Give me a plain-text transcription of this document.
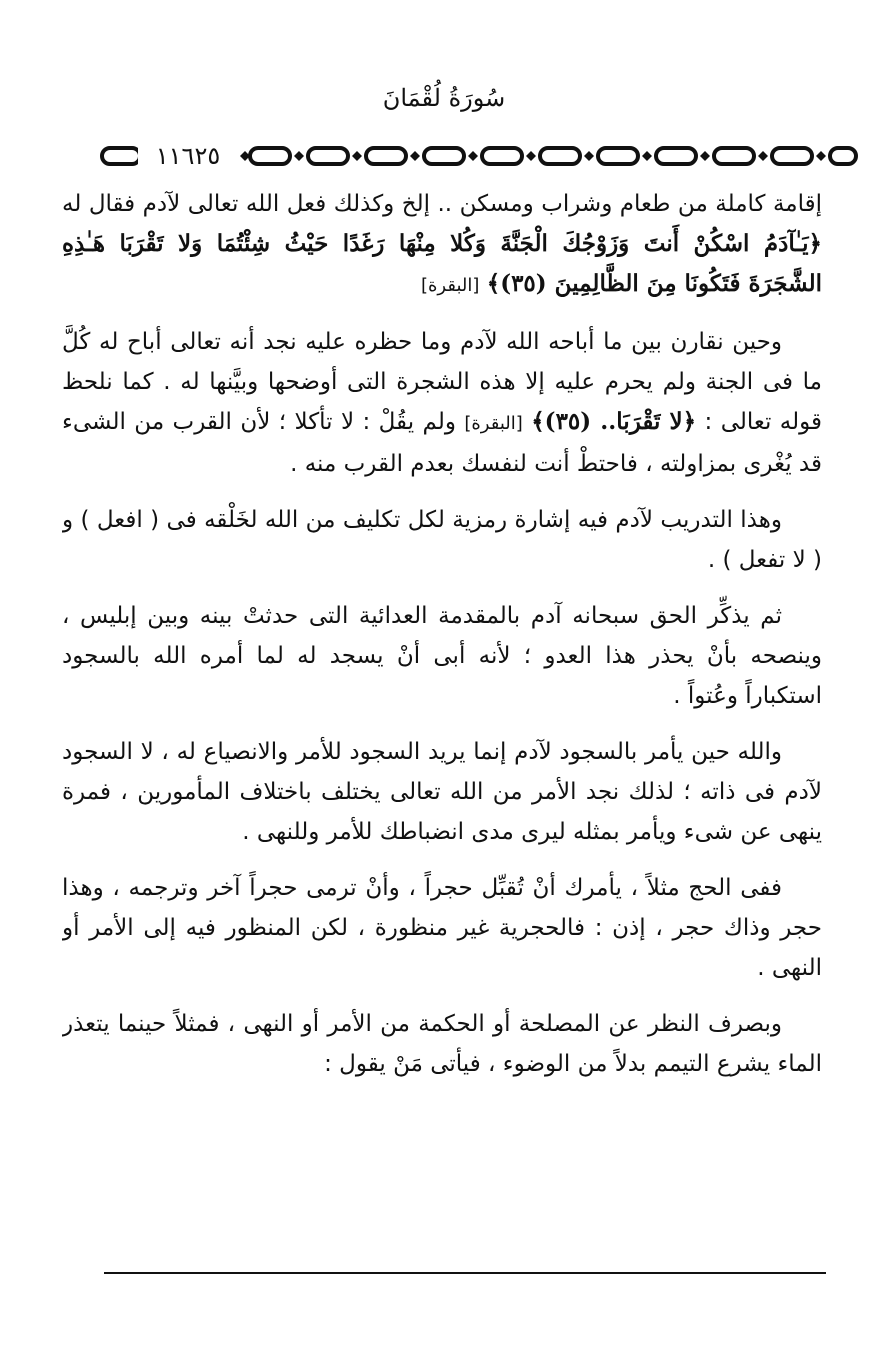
سُورَةُ لُقْمَانَ
١١٦٢٥

إقامة كاملة من طعام وشراب ومسكن .. إلخ وكذلك فعل الله تعالى لآدم فقال له ﴿يَـٰآدَمُ اسْكُنْ أَنتَ وَزَوْجُكَ الْجَنَّةَ وَكُلا مِنْهَا رَغَدًا حَيْثُ شِئْتُمَا وَلا تَقْرَبَا هَـٰذِهِ الشَّجَرَةَ فَتَكُونَا مِنَ الظَّالِمِينَ (٣٥)﴾ [البقرة]

وحين نقارن بين ما أباحه الله لآدم وما حظره عليه نجد أنه تعالى أباح له كُلَّ ما فى الجنة ولم يحرم عليه إلا هذه الشجرة التى أوضحها وبيَّنها له . كما نلحظ قوله تعالى : ﴿لا تَقْرَبَا.. (٣٥)﴾ [البقرة] ولم يقُلْ : لا تأكلا ؛ لأن القرب من الشىء قد يُغْرى بمزاولته ، فاحتطْ أنت لنفسك بعدم القرب منه .

وهذا التدريب لآدم فيه إشارة رمزية لكل تكليف من الله لخَلْقه فى ( افعل ) و ( لا تفعل ) .

ثم يذكِّر الحق سبحانه آدم بالمقدمة العدائية التى حدثتْ بينه وبين إبليس ، وينصحه بأنْ يحذر هذا العدو ؛ لأنه أبى أنْ يسجد له لما أمره الله بالسجود استكباراً وعُتواً .

والله حين يأمر بالسجود لآدم إنما يريد السجود للأمر والانصياع له ، لا السجود لآدم فى ذاته ؛ لذلك نجد الأمر من الله تعالى يختلف باختلاف المأمورين ، فمرة ينهى عن شىء ويأمر بمثله ليرى مدى انضباطك للأمر وللنهى .

ففى الحج مثلاً ، يأمرك أنْ تُقبِّل حجراً ، وأنْ ترمى حجراً آخر وترجمه ، وهذا حجر وذاك حجر ، إذن : فالحجرية غير منظورة ، لكن المنظور فيه إلى الأمر أو النهى .

وبصرف النظر عن المصلحة أو الحكمة من الأمر أو النهى ، فمثلاً حينما يتعذر الماء يشرع التيمم بدلاً من الوضوء ، فيأتى مَنْ يقول :
